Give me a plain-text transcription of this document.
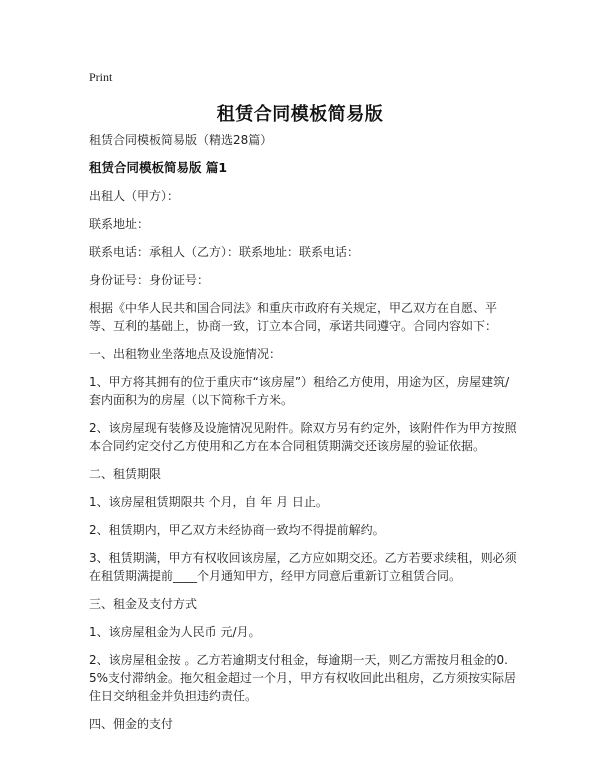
Print
租赁合同模板简易版

租赁合同模板简易版（精选28篇）

租赁合同模板简易版 篇1

出租人（甲方）：

联系地址：

联系电话：承租人（乙方）：联系地址：联系电话：

身份证号：身份证号：

根据《中华人民共和国合同法》和重庆市政府有关规定，甲乙双方在自愿、平等、互利的基础上，协商一致，订立本合同，承诺共同遵守。合同内容如下：

一、出租物业坐落地点及设施情况：

1、甲方将其拥有的位于重庆市“该房屋”）租给乙方使用，用途为区，房屋建筑/套内面积为的房屋（以下简称千方米。

2、该房屋现有装修及设施情况见附件。除双方另有约定外，该附件作为甲方按照本合同约定交付乙方使用和乙方在本合同租赁期满交还该房屋的验证依据。

二、租赁期限

1、该房屋租赁期限共 个月，自 年 月 日止。

2、租赁期内，甲乙双方未经协商一致均不得提前解约。

3、租赁期满，甲方有权收回该房屋，乙方应如期交还。乙方若要求续租，则必须在租赁期满提前____个月通知甲方，经甲方同意后重新订立租赁合同。

三、租金及支付方式

1、该房屋租金为人民币 元/月。

2、该房屋租金按 。乙方若逾期支付租金，每逾期一天，则乙方需按月租金的0.5%支付滞纳金。拖欠租金超过一个月，甲方有权收回此出租房，乙方须按实际居住日交纳租金并负担违约责任。

四、佣金的支付
